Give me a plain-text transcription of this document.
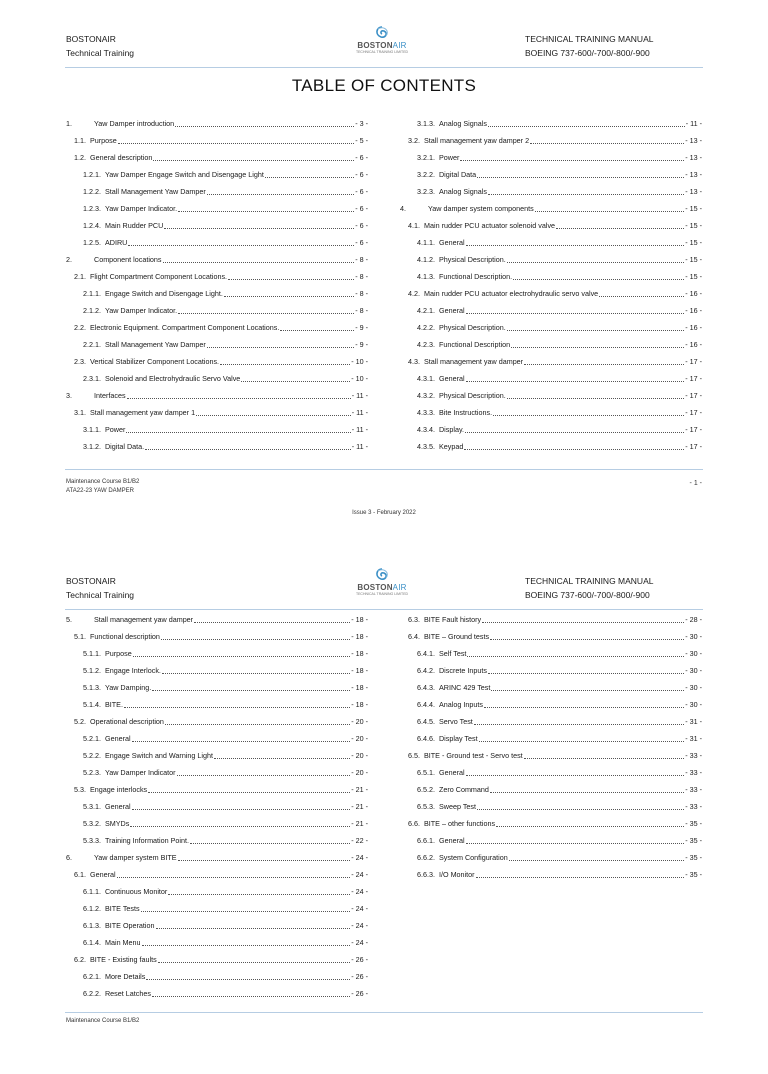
BOSTONAIR
Technical Training
BOSTONAIR
TECHNICAL TRAINING LIMITED
TECHNICAL TRAINING MANUAL
BOEING 737-600/-700/-800/-900
TABLE OF CONTENTS
1.	Yaw Damper introduction	- 3 -
1.1. Purpose	- 5 -
1.2. General description	- 6 -
1.2.1. Yaw Damper Engage Switch and Disengage Light	- 6 -
1.2.2. Stall Management Yaw Damper	- 6 -
1.2.3. Yaw Damper Indicator.	- 6 -
1.2.4. Main Rudder PCU	- 6 -
1.2.5. ADIRU	- 6 -
2.	Component locations	- 8 -
2.1. Flight Compartment Component Locations.	- 8 -
2.1.1. Engage Switch and Disengage Light.	- 8 -
2.1.2. Yaw Damper Indicator.	- 8 -
2.2. Electronic Equipment. Compartment Component Locations.	- 9 -
2.2.1. Stall Management Yaw Damper	- 9 -
2.3. Vertical Stabilizer Component Locations.	- 10 -
2.3.1. Solenoid and Electrohydraulic Servo Valve	- 10 -
3.	Interfaces	- 11 -
3.1. Stall management yaw damper 1	- 11 -
3.1.1. Power	- 11 -
3.1.2. Digital Data.	- 11 -
3.1.3. Analog Signals	- 11 -
3.2. Stall management yaw damper 2	- 13 -
3.2.1. Power	- 13 -
3.2.2. Digital Data	- 13 -
3.2.3. Analog Signals	- 13 -
4.	Yaw damper system components	- 15 -
4.1. Main rudder PCU actuator solenoid valve	- 15 -
4.1.1. General	- 15 -
4.1.2. Physical Description.	- 15 -
4.1.3. Functional Description.	- 15 -
4.2. Main rudder PCU actuator electrohydraulic servo valve	- 16 -
4.2.1. General	- 16 -
4.2.2. Physical Description.	- 16 -
4.2.3. Functional Description	- 16 -
4.3. Stall management yaw damper	- 17 -
4.3.1. General	- 17 -
4.3.2. Physical Description.	- 17 -
4.3.3. Bite Instructions.	- 17 -
4.3.4. Display.	- 17 -
4.3.5. Keypad	- 17 -
Maintenance Course B1/B2
ATA22-23 YAW DAMPER
- 1 -
Issue 3 - February 2022
BOSTONAIR
Technical Training
BOSTONAIR
TECHNICAL TRAINING LIMITED
TECHNICAL TRAINING MANUAL
BOEING 737-600/-700/-800/-900
5.	Stall management yaw damper	- 18 -
5.1. Functional description	- 18 -
5.1.1. Purpose	- 18 -
5.1.2. Engage Interlock.	- 18 -
5.1.3. Yaw Damping.	- 18 -
5.1.4. BITE.	- 18 -
5.2. Operational description	- 20 -
5.2.1. General	- 20 -
5.2.2. Engage Switch and Warning Light	- 20 -
5.2.3. Yaw Damper Indicator	- 20 -
5.3. Engage interlocks	- 21 -
5.3.1. General	- 21 -
5.3.2. SMYDs	- 21 -
5.3.3. Training Information Point.	- 22 -
6.	Yaw damper system BITE	- 24 -
6.1. General	- 24 -
6.1.1. Continuous Monitor	- 24 -
6.1.2. BITE Tests	- 24 -
6.1.3. BITE Operation	- 24 -
6.1.4. Main Menu	- 24 -
6.2. BITE - Existing faults	- 26 -
6.2.1. More Details	- 26 -
6.2.2. Reset Latches	- 26 -
6.3. BITE Fault history	- 28 -
6.4. BITE – Ground tests	- 30 -
6.4.1. Self Test	- 30 -
6.4.2. Discrete Inputs	- 30 -
6.4.3. ARINC 429 Test	- 30 -
6.4.4. Analog Inputs	- 30 -
6.4.5. Servo Test	- 31 -
6.4.6. Display Test	- 31 -
6.5. BITE - Ground test - Servo test	- 33 -
6.5.1. General	- 33 -
6.5.2. Zero Command	- 33 -
6.5.3. Sweep Test	- 33 -
6.6. BITE – other functions	- 35 -
6.6.1. General	- 35 -
6.6.2. System Configuration	- 35 -
6.6.3. I/O Monitor	- 35 -
Maintenance Course B1/B2
